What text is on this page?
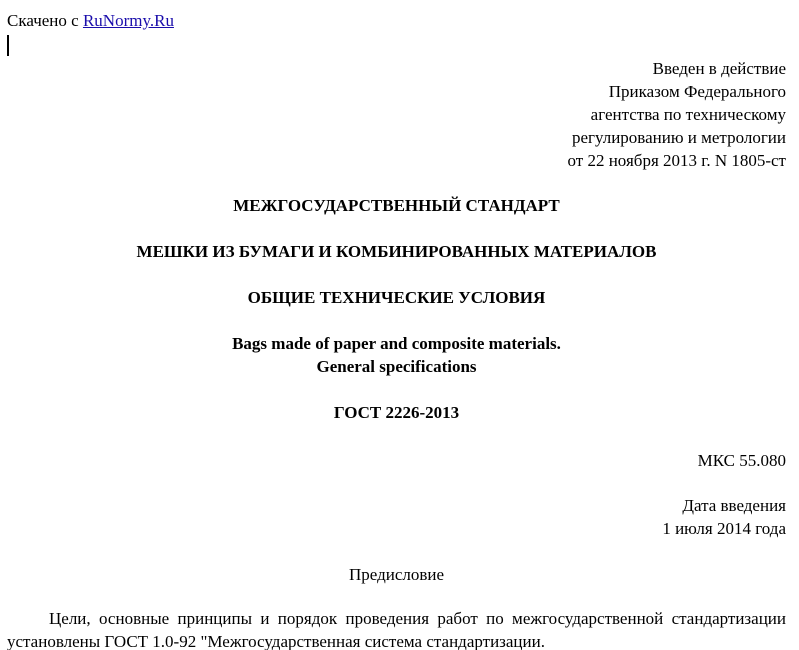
Скачено с RuNormy.Ru
Введен в действие
Приказом Федерального
агентства по техническому
регулированию и метрологии
от 22 ноября 2013 г. N 1805-ст
МЕЖГОСУДАРСТВЕННЫЙ СТАНДАРТ
МЕШКИ ИЗ БУМАГИ И КОМБИНИРОВАННЫХ МАТЕРИАЛОВ
ОБЩИЕ ТЕХНИЧЕСКИЕ УСЛОВИЯ
Bags made of paper and composite materials.
General specifications
ГОСТ 2226-2013
МКС 55.080
Дата введения
1 июля 2014 года
Предисловие
Цели, основные принципы и порядок проведения работ по межгосударственной стандартизации установлены ГОСТ 1.0-92 "Межгосударственная система стандартизации.
